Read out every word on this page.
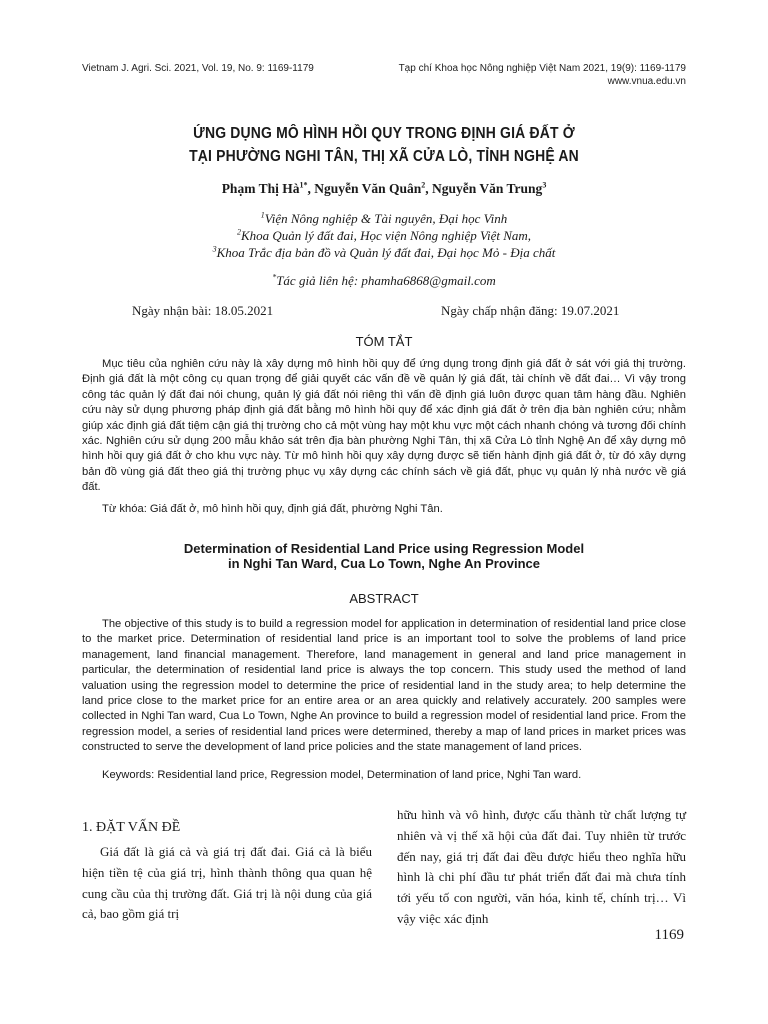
Vietnam J. Agri. Sci. 2021, Vol. 19, No. 9: 1169-1179	Tạp chí Khoa học Nông nghiệp Việt Nam 2021, 19(9): 1169-1179
www.vnua.edu.vn
ỨNG DỤNG MÔ HÌNH HỒI QUY TRONG ĐỊNH GIÁ ĐẤT Ở
TẠI PHƯỜNG NGHI TÂN, THỊ XÃ CỬA LÒ, TỈNH NGHỆ AN
Phạm Thị $Hà^{1*}$, Nguyễn Văn Quân$^2$, Nguyễn Văn Trung$^3$
$^1$Viện Nông nghiệp & Tài nguyên, Đại học Vinh
$^2$Khoa Quản lý đất đai, Học viện Nông nghiệp Việt Nam,
$^3$Khoa Trắc địa bản đồ và Quản lý đất đai, Đại học Mỏ - Địa chất
*Tác giả liên hệ: phamha6868@gmail.com
Ngày nhận bài: 18.05.2021	Ngày chấp nhận đăng: 19.07.2021
TÓM TẮT

Mục tiêu của nghiên cứu này là xây dựng mô hình hồi quy để ứng dụng trong định giá đất ở sát với giá thị trường. Định giá đất là một công cụ quan trọng để giải quyết các vấn đề về quản lý giá đất, tài chính về đất đai… Vì vậy trong công tác quản lý đất đai nói chung, quản lý giá đất nói riêng thì vấn đề định giá luôn được quan tâm hàng đầu. Nghiên cứu này sử dụng phương pháp định giá đất bằng mô hình hồi quy để xác định giá đất ở trên địa bàn nghiên cứu; nhằm giúp xác định giá đất tiệm cận giá thị trường cho cả một vùng hay một khu vực một cách nhanh chóng và tương đối chính xác. Nghiên cứu sử dụng 200 mẫu khảo sát trên địa bàn phường Nghi Tân, thị xã Cửa Lò tỉnh Nghệ An để xây dựng mô hình hồi quy giá đất ở cho khu vực này. Từ mô hình hồi quy xây dựng được sẽ tiến hành định giá đất ở, từ đó xây dựng bản đồ vùng giá đất theo giá thị trường phục vụ xây dựng các chính sách về giá đất, phục vụ quản lý nhà nước về giá đất.

Từ khóa: Giá đất ở, mô hình hồi quy, định giá đất, phường Nghi Tân.
Determination of Residential Land Price using Regression Model
in Nghi Tan Ward, Cua Lo Town, Nghe An Province
ABSTRACT

The objective of this study is to build a regression model for application in determination of residential land price close to the market price. Determination of residential land price is an important tool to solve the problems of land price management, land financial management. Therefore, land management in general and land price management in particular, the determination of residential land price is always the top concern. This study used the method of land valuation using the regression model to determine the price of residential land in the study area; to help determine the land price close to the market price for an entire area or an area quickly and relatively accurately. 200 samples were collected in Nghi Tan ward, Cua Lo Town, Nghe An province to build a regression model of residential land price. From the regression model, a series of residential land prices were determined, thereby a map of land prices in market prices was constructed to serve the development of land price policies and the state management of land prices.

Keywords: Residential land price, Regression model, Determination of land price, Nghi Tan ward.
1. ĐẶT VẤN ĐỀ

Giá đất là giá cả và giá trị đất đai. Giá cả là biểu hiện tiền tệ của giá trị, hình thành thông qua quan hệ cung cầu của thị trường đất. Giá trị là nội dung của giá cả, bao gồm giá trị

hữu hình và vô hình, được cấu thành từ chất lượng tự nhiên và vị thế xã hội của đất đai. Tuy nhiên từ trước đến nay, giá trị đất đai đều được hiểu theo nghĩa hữu hình là chi phí đầu tư phát triển đất đai mà chưa tính tới yếu tố con người, văn hóa, kinh tế, chính trị… Vì vậy việc xác định

1169
